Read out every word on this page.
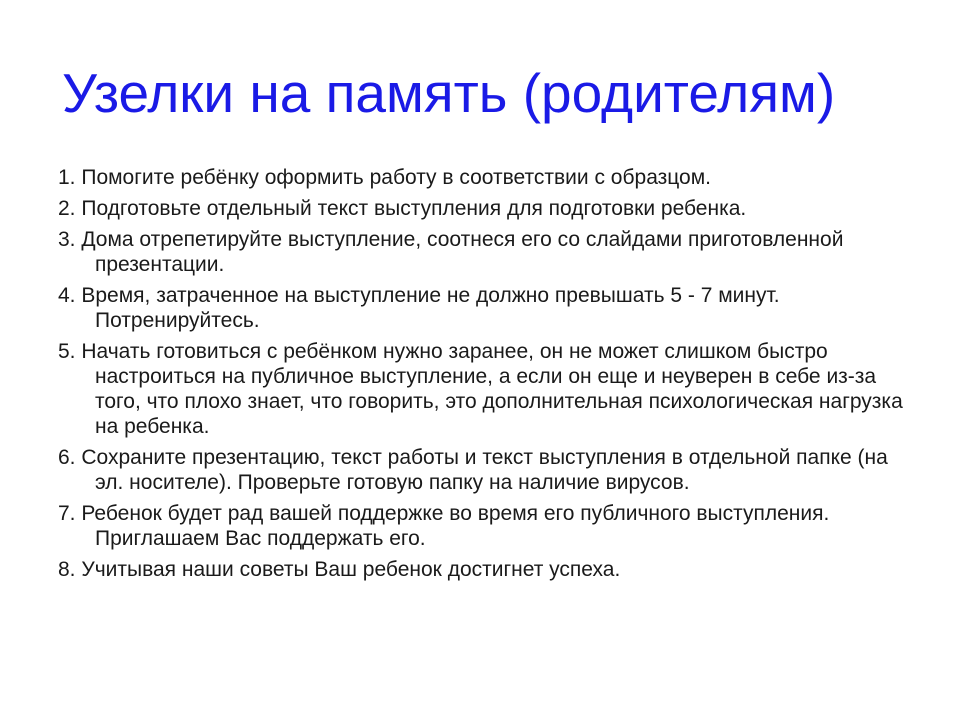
Узелки на память (родителям)
1. Помогите ребёнку оформить работу в соответствии с образцом.
2. Подготовьте отдельный текст выступления для подготовки ребенка.
3. Дома отрепетируйте выступление, соотнеся его со слайдами приготовленной презентации.
4. Время, затраченное на выступление не должно превышать 5 - 7 минут. Потренируйтесь.
5. Начать готовиться с ребёнком нужно заранее, он не может слишком быстро настроиться на публичное выступление, а если он еще и неуверен в себе из-за того, что плохо знает, что говорить, это дополнительная психологическая нагрузка на ребенка.
6. Сохраните презентацию, текст работы и текст выступления в отдельной папке (на эл. носителе). Проверьте готовую папку на наличие вирусов.
7. Ребенок будет рад вашей поддержке во время его публичного выступления. Приглашаем Вас поддержать его.
8. Учитывая наши советы Ваш ребенок достигнет успеха.
